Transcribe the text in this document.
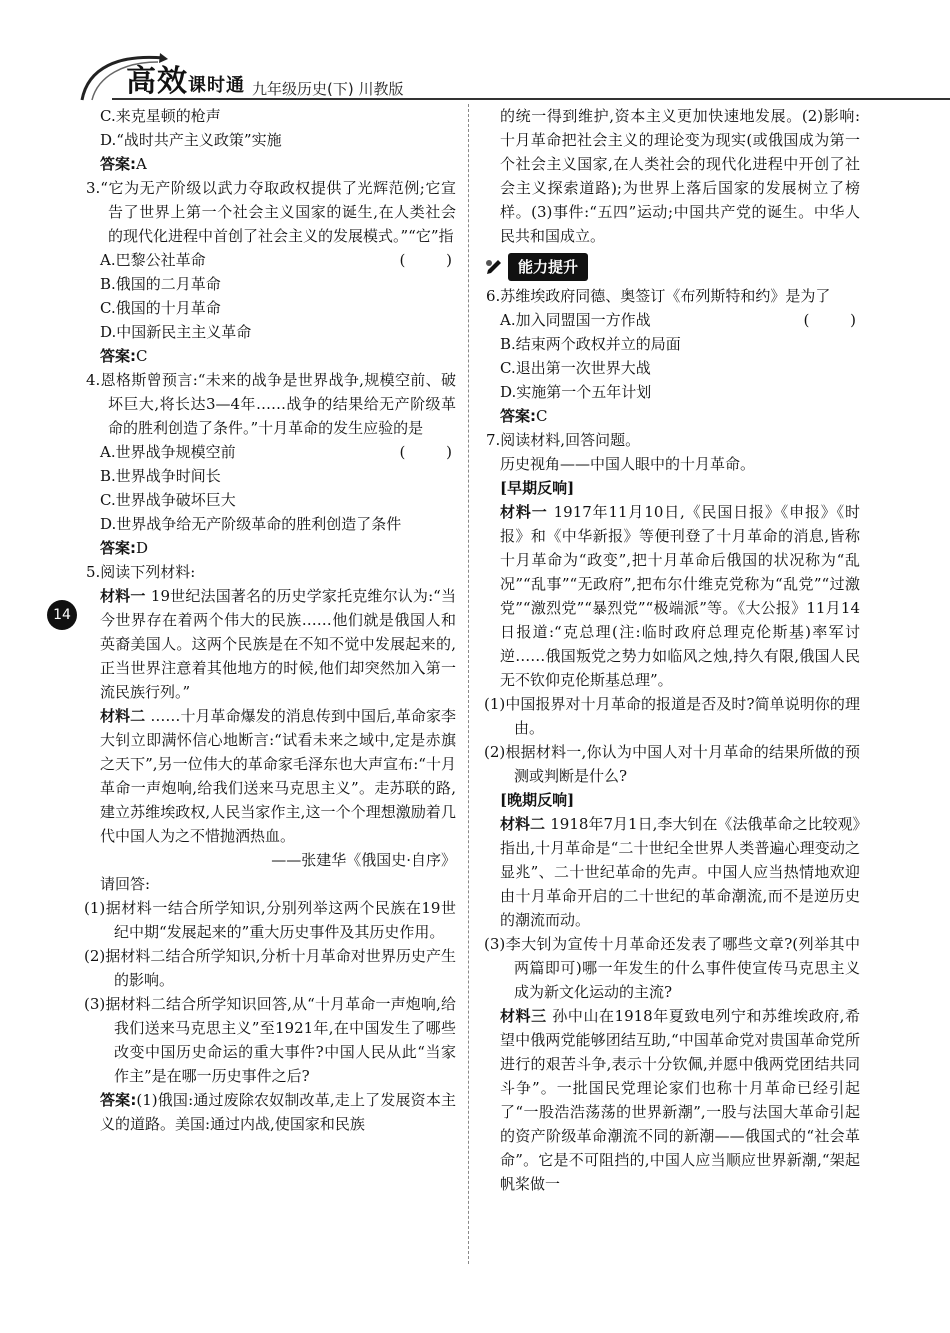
高效课时通 九年级历史(下) 川教版
14

C.来克星顿的枪声

D.“战时共产主义政策”实施

答案:A

3.“它为无产阶级以武力夺取政权提供了光辉范例;它宣告了世界上第一个社会主义国家的诞生,在人类社会的现代化进程中首创了社会主义的发展模式。”“它”指
( )

A.巴黎公社革命

B.俄国的二月革命

C.俄国的十月革命

D.中国新民主主义革命

答案:C

4.恩格斯曾预言:“未来的战争是世界战争,规模空前、破坏巨大,将长达3—4年……战争的结果给无产阶级革命的胜利创造了条件。”十月革命的发生应验的是
( )

A.世界战争规模空前

B.世界战争时间长

C.世界战争破坏巨大

D.世界战争给无产阶级革命的胜利创造了条件

答案:D

5.阅读下列材料:

材料一 19世纪法国著名的历史学家托克维尔认为:“当今世界存在着两个伟大的民族……他们就是俄国人和英裔美国人。这两个民族是在不知不觉中发展起来的,正当世界注意着其他地方的时候,他们却突然加入第一流民族行列。”

材料二 ……十月革命爆发的消息传到中国后,革命家李大钊立即满怀信心地断言:“试看未来之域中,定是赤旗之天下”,另一位伟大的革命家毛泽东也大声宣布:“十月革命一声炮响,给我们送来马克思主义”。走苏联的路,建立苏维埃政权,人民当家作主,这一个个理想激励着几代中国人为之不惜抛洒热血。

——张建华《俄国史·自序》

请回答:

(1)据材料一结合所学知识,分别列举这两个民族在19世纪中期“发展起来的”重大历史事件及其历史作用。

(2)据材料二结合所学知识,分析十月革命对世界历史产生的影响。

(3)据材料二结合所学知识回答,从“十月革命一声炮响,给我们送来马克思主义”至1921年,在中国发生了哪些改变中国历史命运的重大事件?中国人民从此“当家作主”是在哪一历史事件之后?

答案:(1)俄国:通过废除农奴制改革,走上了发展资本主义的道路。美国:通过内战,使国家和民族

的统一得到维护,资本主义更加快速地发展。(2)影响:十月革命把社会主义的理论变为现实(或俄国成为第一个社会主义国家,在人类社会的现代化进程中开创了社会主义探索道路);为世界上落后国家的发展树立了榜样。(3)事件:“五四”运动;中国共产党的诞生。中华人民共和国成立。

能力提升

6.苏维埃政府同德、奥签订《布列斯特和约》是为了

( )

A.加入同盟国一方作战

B.结束两个政权并立的局面

C.退出第一次世界大战

D.实施第一个五年计划

答案:C

7.阅读材料,回答问题。

历史视角——中国人眼中的十月革命。

[早期反响]

材料一 1917年11月10日,《民国日报》《申报》《时报》和《中华新报》等便刊登了十月革命的消息,皆称十月革命为“政变”,把十月革命后俄国的状况称为“乱况”“乱事”“无政府”,把布尔什维克党称为“乱党”“过激党”“激烈党”“暴烈党”“极端派”等。《大公报》11月14日报道:“克总理(注:临时政府总理克伦斯基)率军讨逆……俄国叛党之势力如临风之烛,持久有限,俄国人民无不钦仰克伦斯基总理”。

(1)中国报界对十月革命的报道是否及时?简单说明你的理由。

(2)根据材料一,你认为中国人对十月革命的结果所做的预测或判断是什么?

[晚期反响]

材料二 1918年7月1日,李大钊在《法俄革命之比较观》指出,十月革命是“二十世纪全世界人类普遍心理变动之显兆”、二十世纪革命的先声。中国人应当热情地欢迎由十月革命开启的二十世纪的革命潮流,而不是逆历史的潮流而动。

(3)李大钊为宣传十月革命还发表了哪些文章?(列举其中两篇即可)哪一年发生的什么事件使宣传马克思主义成为新文化运动的主流?

材料三 孙中山在1918年夏致电列宁和苏维埃政府,希望中俄两党能够团结互助,“中国革命党对贵国革命党所进行的艰苦斗争,表示十分钦佩,并愿中俄两党团结共同斗争”。一批国民党理论家们也称十月革命已经引起了“一股浩浩荡荡的世界新潮”,一股与法国大革命引起的资产阶级革命潮流不同的新潮——俄国式的“社会革命”。它是不可阻挡的,中国人应当顺应世界新潮,“架起帆桨做一
